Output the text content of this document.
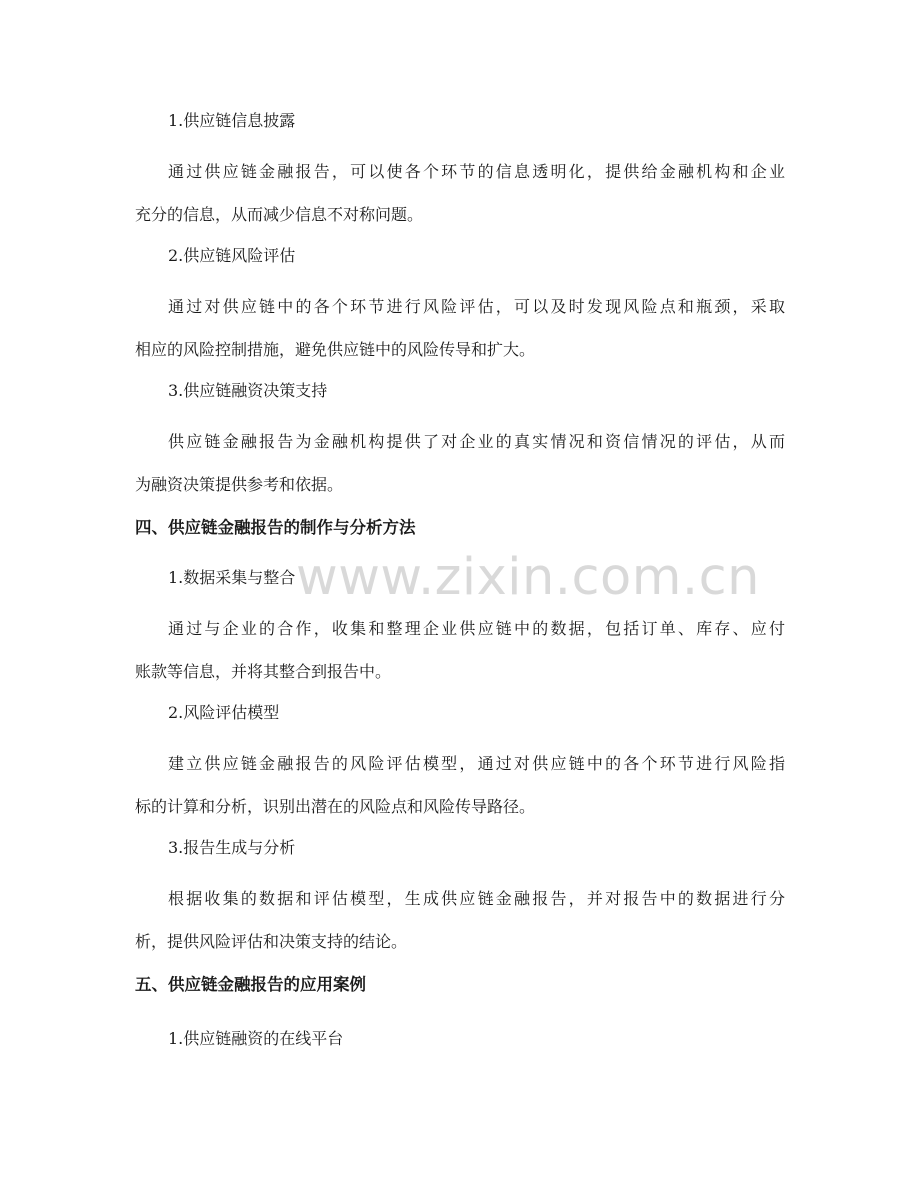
www.zixin.com.cn
1.供应链信息披露
通过供应链金融报告，可以使各个环节的信息透明化，提供给金融机构和企业
充分的信息，从而减少信息不对称问题。
2.供应链风险评估
通过对供应链中的各个环节进行风险评估，可以及时发现风险点和瓶颈，采取
相应的风险控制措施，避免供应链中的风险传导和扩大。
3.供应链融资决策支持
供应链金融报告为金融机构提供了对企业的真实情况和资信情况的评估，从而
为融资决策提供参考和依据。
四、供应链金融报告的制作与分析方法
1.数据采集与整合
通过与企业的合作，收集和整理企业供应链中的数据，包括订单、库存、应付
账款等信息，并将其整合到报告中。
2.风险评估模型
建立供应链金融报告的风险评估模型，通过对供应链中的各个环节进行风险指
标的计算和分析，识别出潜在的风险点和风险传导路径。
3.报告生成与分析
根据收集的数据和评估模型，生成供应链金融报告，并对报告中的数据进行分
析，提供风险评估和决策支持的结论。
五、供应链金融报告的应用案例
1.供应链融资的在线平台
